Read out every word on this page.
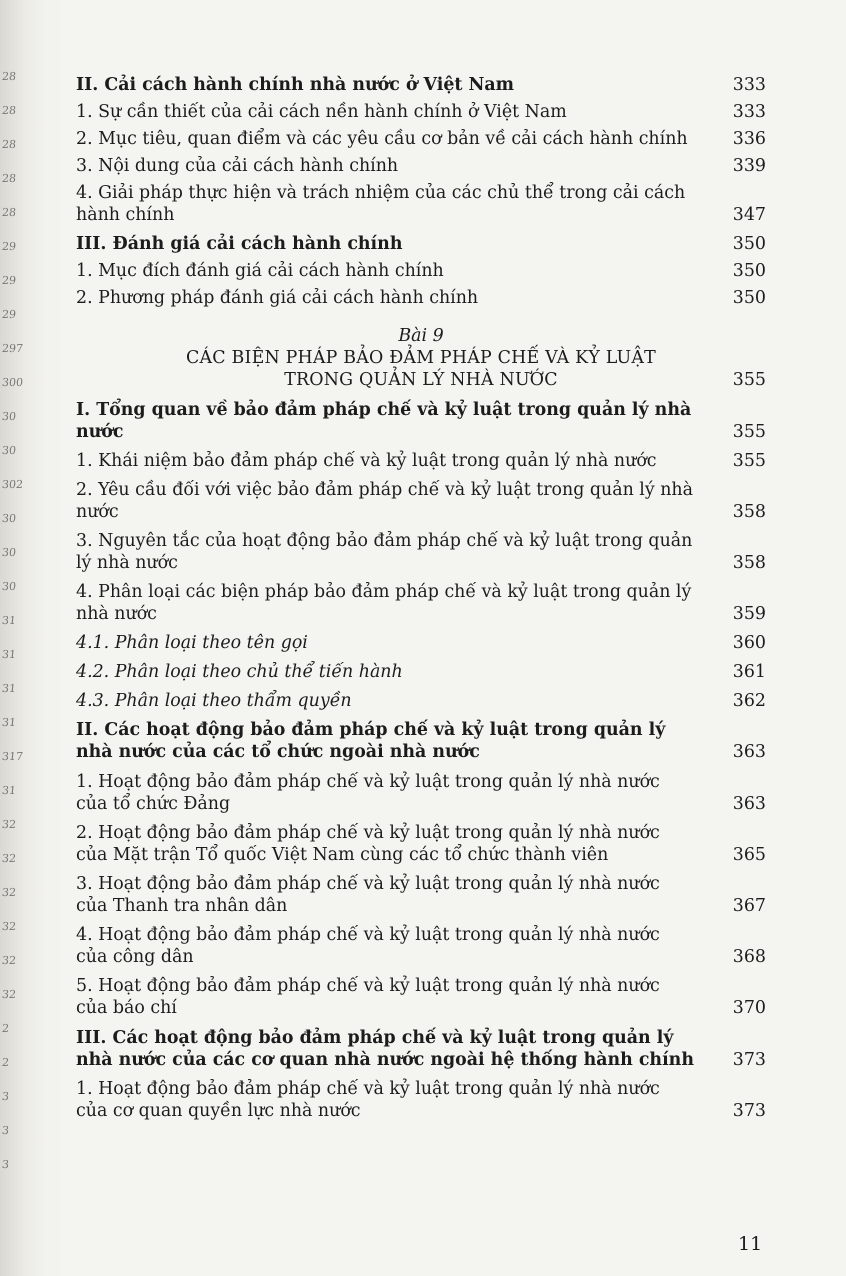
28
28
28
28
28
29
29
29
297
300
30
30
302
30
30
30
31
31
31
31
317
31
32
32
32
32
32
32
2
2
3
3
3
II. Cải cách hành chính nhà nước ở Việt Nam	333
1. Sự cần thiết của cải cách nền hành chính ở Việt Nam	333
2. Mục tiêu, quan điểm và các yêu cầu cơ bản về cải cách hành chính	336
3. Nội dung của cải cách hành chính	339
4. Giải pháp thực hiện và trách nhiệm của các chủ thể trong cải cách hành chính	347
III. Đánh giá cải cách hành chính	350
1. Mục đích đánh giá cải cách hành chính	350
2. Phương pháp đánh giá cải cách hành chính	350
Bài 9
CÁC BIỆN PHÁP BẢO ĐẢM PHÁP CHẾ VÀ KỶ LUẬT
TRONG QUẢN LÝ NHÀ NƯỚC	355
I. Tổng quan về bảo đảm pháp chế và kỷ luật trong quản lý nhà nước	355
1. Khái niệm bảo đảm pháp chế và kỷ luật trong quản lý nhà nước	355
2. Yêu cầu đối với việc bảo đảm pháp chế và kỷ luật trong quản lý nhà nước	358
3. Nguyên tắc của hoạt động bảo đảm pháp chế và kỷ luật trong quản lý nhà nước	358
4. Phân loại các biện pháp bảo đảm pháp chế và kỷ luật trong quản lý nhà nước	359
4.1. Phân loại theo tên gọi	360
4.2. Phân loại theo chủ thể tiến hành	361
4.3. Phân loại theo thẩm quyền	362
II. Các hoạt động bảo đảm pháp chế và kỷ luật trong quản lý nhà nước của các tổ chức ngoài nhà nước	363
1. Hoạt động bảo đảm pháp chế và kỷ luật trong quản lý nhà nước của tổ chức Đảng	363
2. Hoạt động bảo đảm pháp chế và kỷ luật trong quản lý nhà nước của Mặt trận Tổ quốc Việt Nam cùng các tổ chức thành viên	365
3. Hoạt động bảo đảm pháp chế và kỷ luật trong quản lý nhà nước của Thanh tra nhân dân	367
4. Hoạt động bảo đảm pháp chế và kỷ luật trong quản lý nhà nước của công dân	368
5. Hoạt động bảo đảm pháp chế và kỷ luật trong quản lý nhà nước của báo chí	370
III. Các hoạt động bảo đảm pháp chế và kỷ luật trong quản lý nhà nước của các cơ quan nhà nước ngoài hệ thống hành chính 373
1. Hoạt động bảo đảm pháp chế và kỷ luật trong quản lý nhà nước của cơ quan quyền lực nhà nước	373
11
